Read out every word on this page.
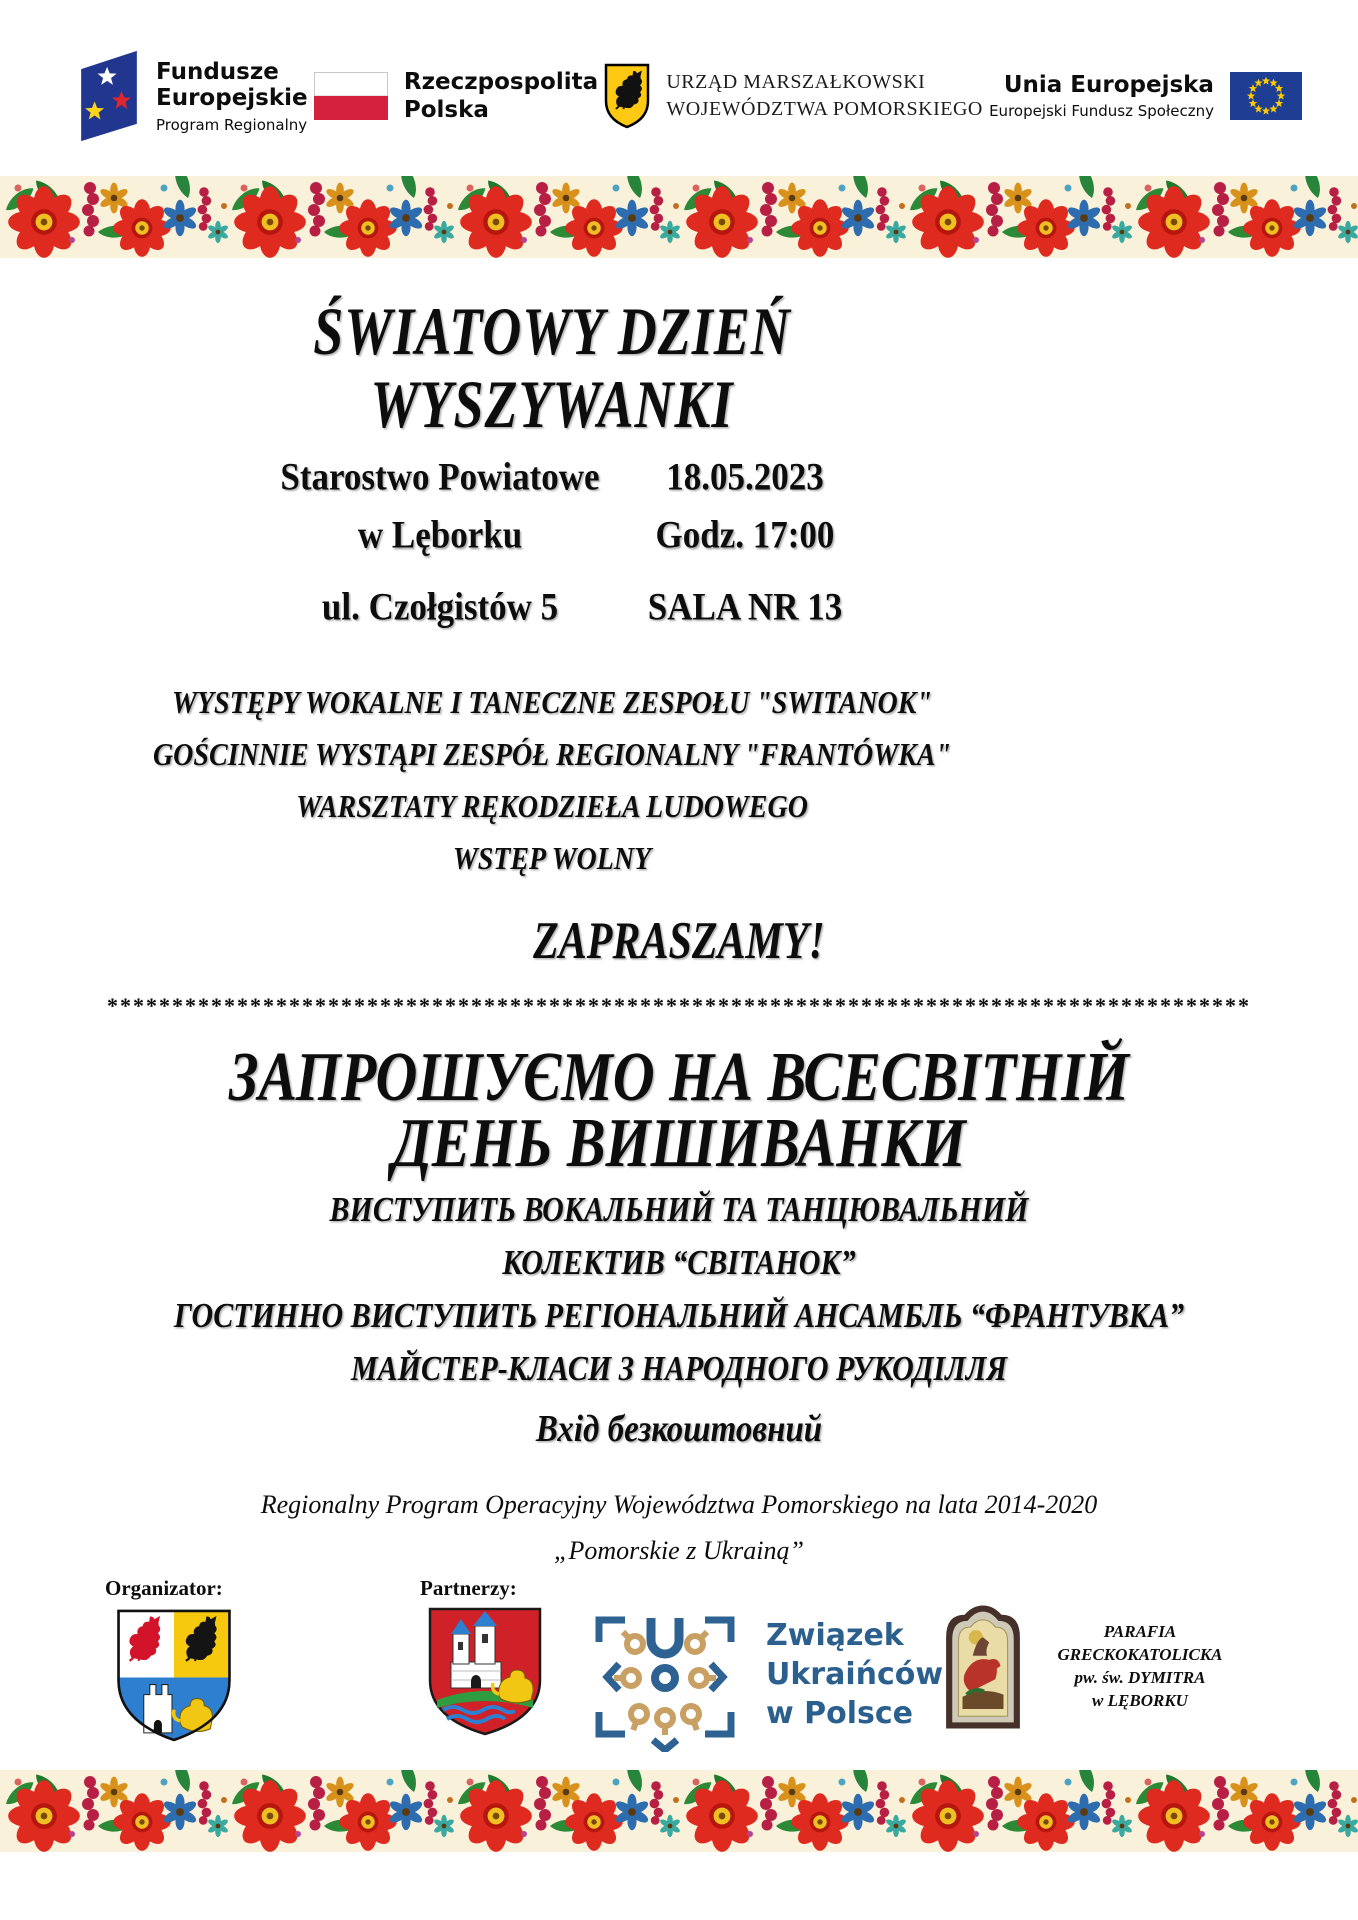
Fundusze
Europejskie
Program Regionalny
Rzeczpospolita
Polska
URZĄD MARSZAŁKOWSKI
WOJEWÓDZTWA POMORSKIEGO
Unia Europejska
Europejski Fundusz Społeczny
ŚWIATOWY DZIEŃ
WYSZYWANKI
Starostwo Powiatowe
w Lęborku
ul. Czołgistów 5
18.05.2023
Godz. 17:00
SALA NR 13
WYSTĘPY WOKALNE I TANECZNE ZESPOŁU "SWITANOK"
GOŚCINNIE WYSTĄPI ZESPÓŁ REGIONALNY "FRANTÓWKA"
WARSZTATY RĘKODZIEŁA LUDOWEGO
WSTĘP WOLNY
ZAPRASZAMY!
****************************************************************************************
ЗАПРОШУЄМО НА ВСЕСВІТНІЙ
ДЕНЬ ВИШИВАНКИ
ВИСТУПИТЬ ВОКАЛЬНИЙ ТА ТАНЦЮВАЛЬНИЙ
КОЛЕКТИВ “СВІТАНОК”
ГОСТИННО ВИСТУПИТЬ РЕГІОНАЛЬНИЙ АНСАМБЛЬ “ФРАНТУВКА”
МАЙСТЕР-КЛАСИ З НАРОДНОГО РУКОДІЛЛЯ
Вхід безкоштовний
Regionalny Program Operacyjny Województwa Pomorskiego na lata 2014-2020
„Pomorskie z Ukrainą”
Organizator:	Partnerzy:
Związek
Ukraińców
w Polsce
PARAFIA
GRECKOKATOLICKA
pw. św. DYMITRA
w LĘBORKU
